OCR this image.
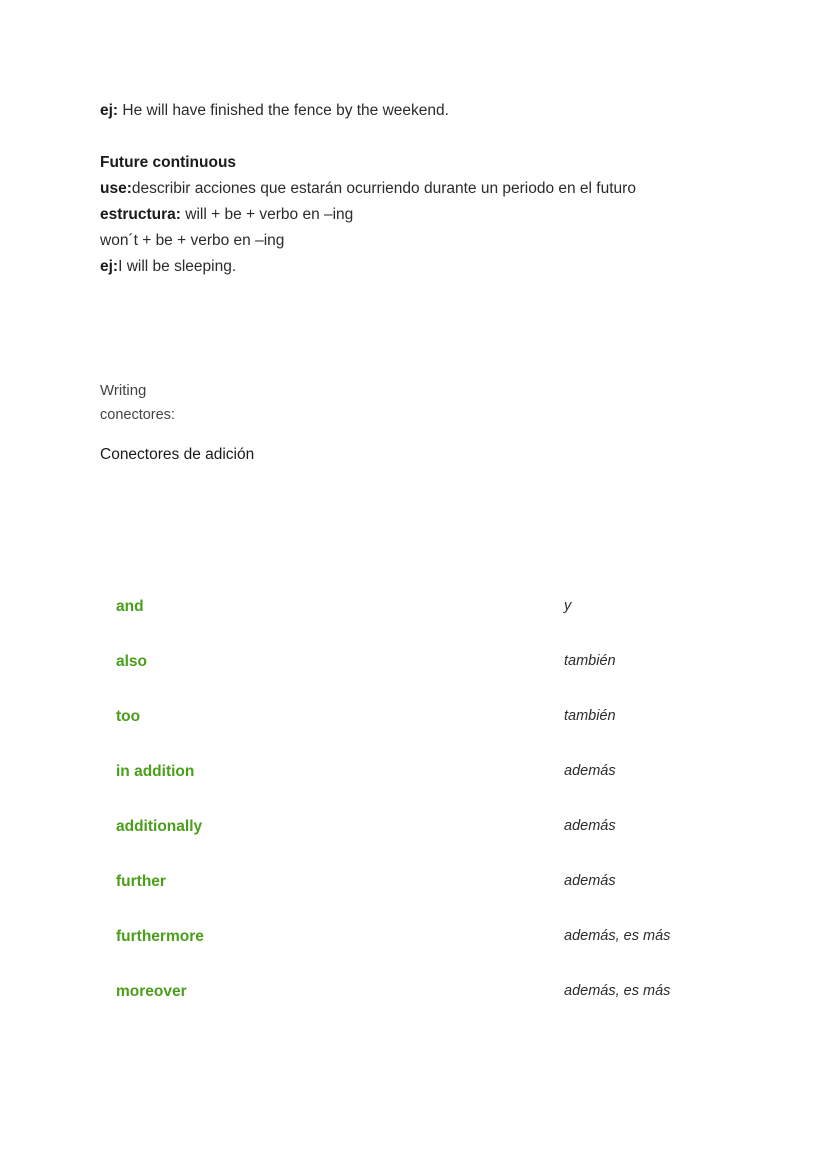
ej: He will have finished the fence by the weekend.
Future continuous
use:describir acciones que estarán ocurriendo durante un periodo en el futuro
estructura: will + be + verbo en –ing
won´t + be + verbo en –ing
ej:I will be sleeping.
Writing
conectores:
Conectores de adición
and	y
also	también
too	también
in addition	además
additionally	además
further	además
furthermore	además, es más
moreover	además, es más
